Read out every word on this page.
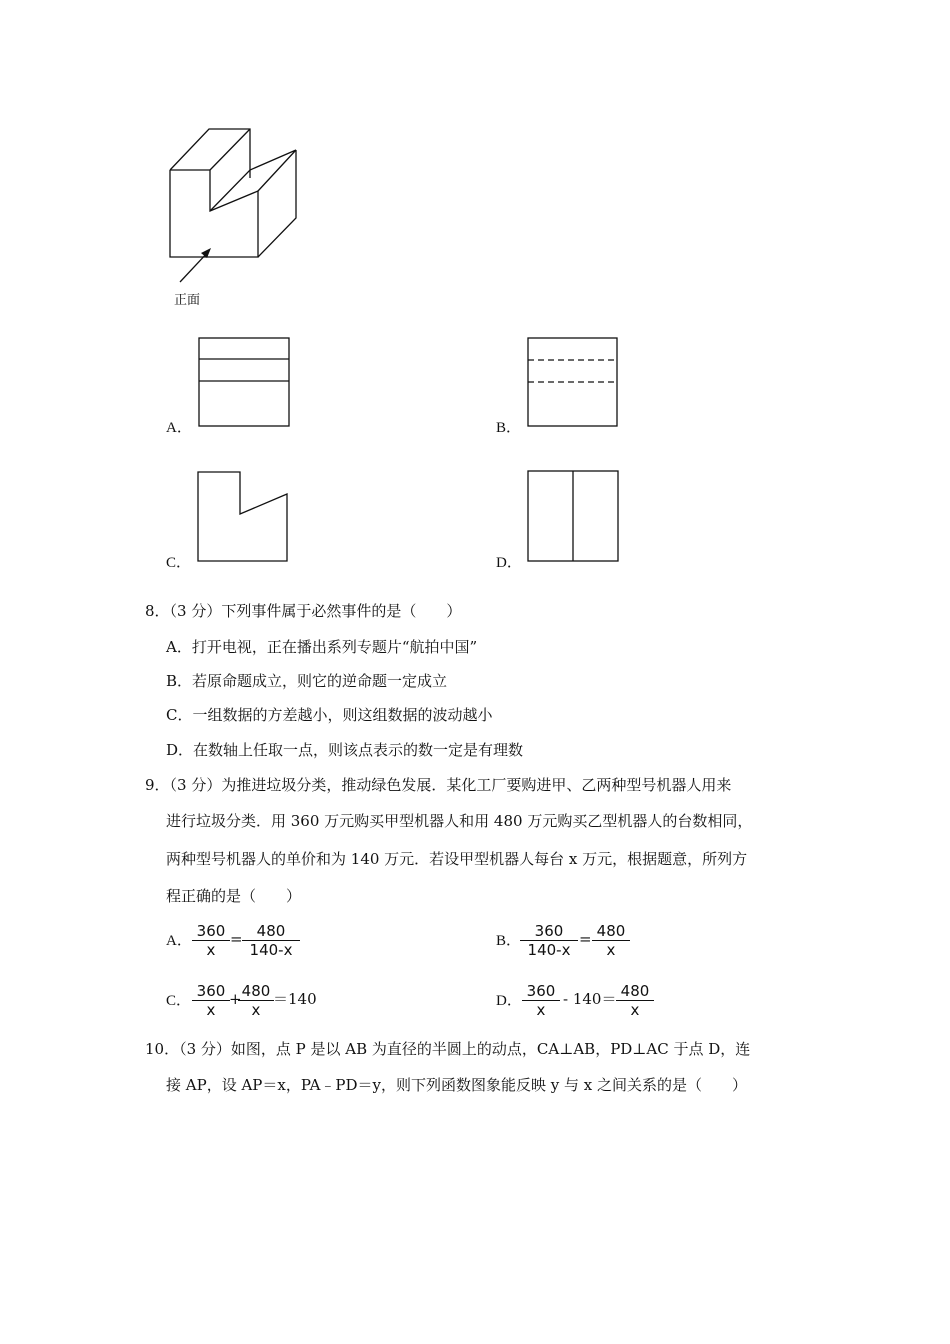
正面
A．	B．
C．	D．
8．（3 分）下列事件属于必然事件的是（　　）
A．打开电视，正在播出系列专题片“航拍中国”
B．若原命题成立，则它的逆命题一定成立
C．一组数据的方差越小，则这组数据的波动越小
D．在数轴上任取一点，则该点表示的数一定是有理数
9．（3 分）为推进垃圾分类，推动绿色发展．某化工厂要购进甲、乙两种型号机器人用来
进行垃圾分类．用 360 万元购买甲型机器人和用 480 万元购买乙型机器人的台数相同，
两种型号机器人的单价和为 140 万元．若设甲型机器人每台 x 万元，根据题意，所列方
程正确的是（　　）
A．
360
x
= 480
140-x	B．
360
140-x
= 480
x
C．
360
x
+ 480
x
＝140	D．
360
x
- 140＝ 480
x
10．（3 分）如图，点 P 是以 AB 为直径的半圆上的动点，CA⊥AB，PD⊥AC 于点 D，连
接 AP，设 AP＝x，PA﹣PD＝y，则下列函数图象能反映 y 与 x 之间关系的是（　　）
